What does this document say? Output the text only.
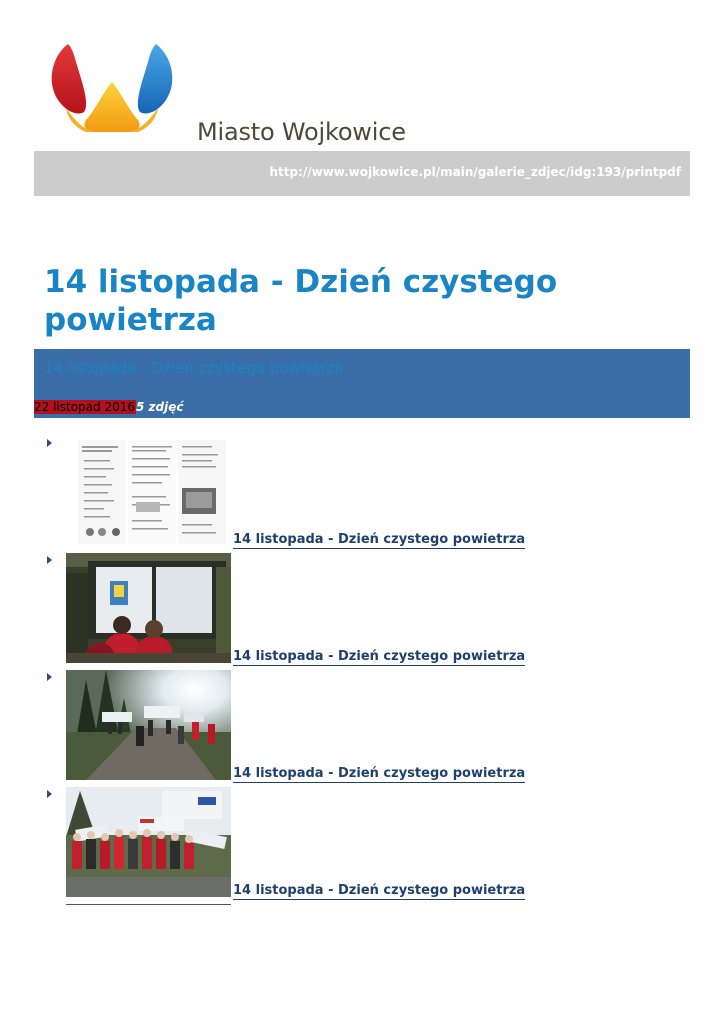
Miasto Wojkowice
http://www.wojkowice.pl/main/galerie_zdjec/idg:193/printpdf
14 listopada - Dzień czystego powietrza
14 listopada - Dzień czystego powietrza
22 listopad 20165 zdjęć
14 listopada - Dzień czystego powietrza
14 listopada - Dzień czystego powietrza
14 listopada - Dzień czystego powietrza
14 listopada - Dzień czystego powietrza
